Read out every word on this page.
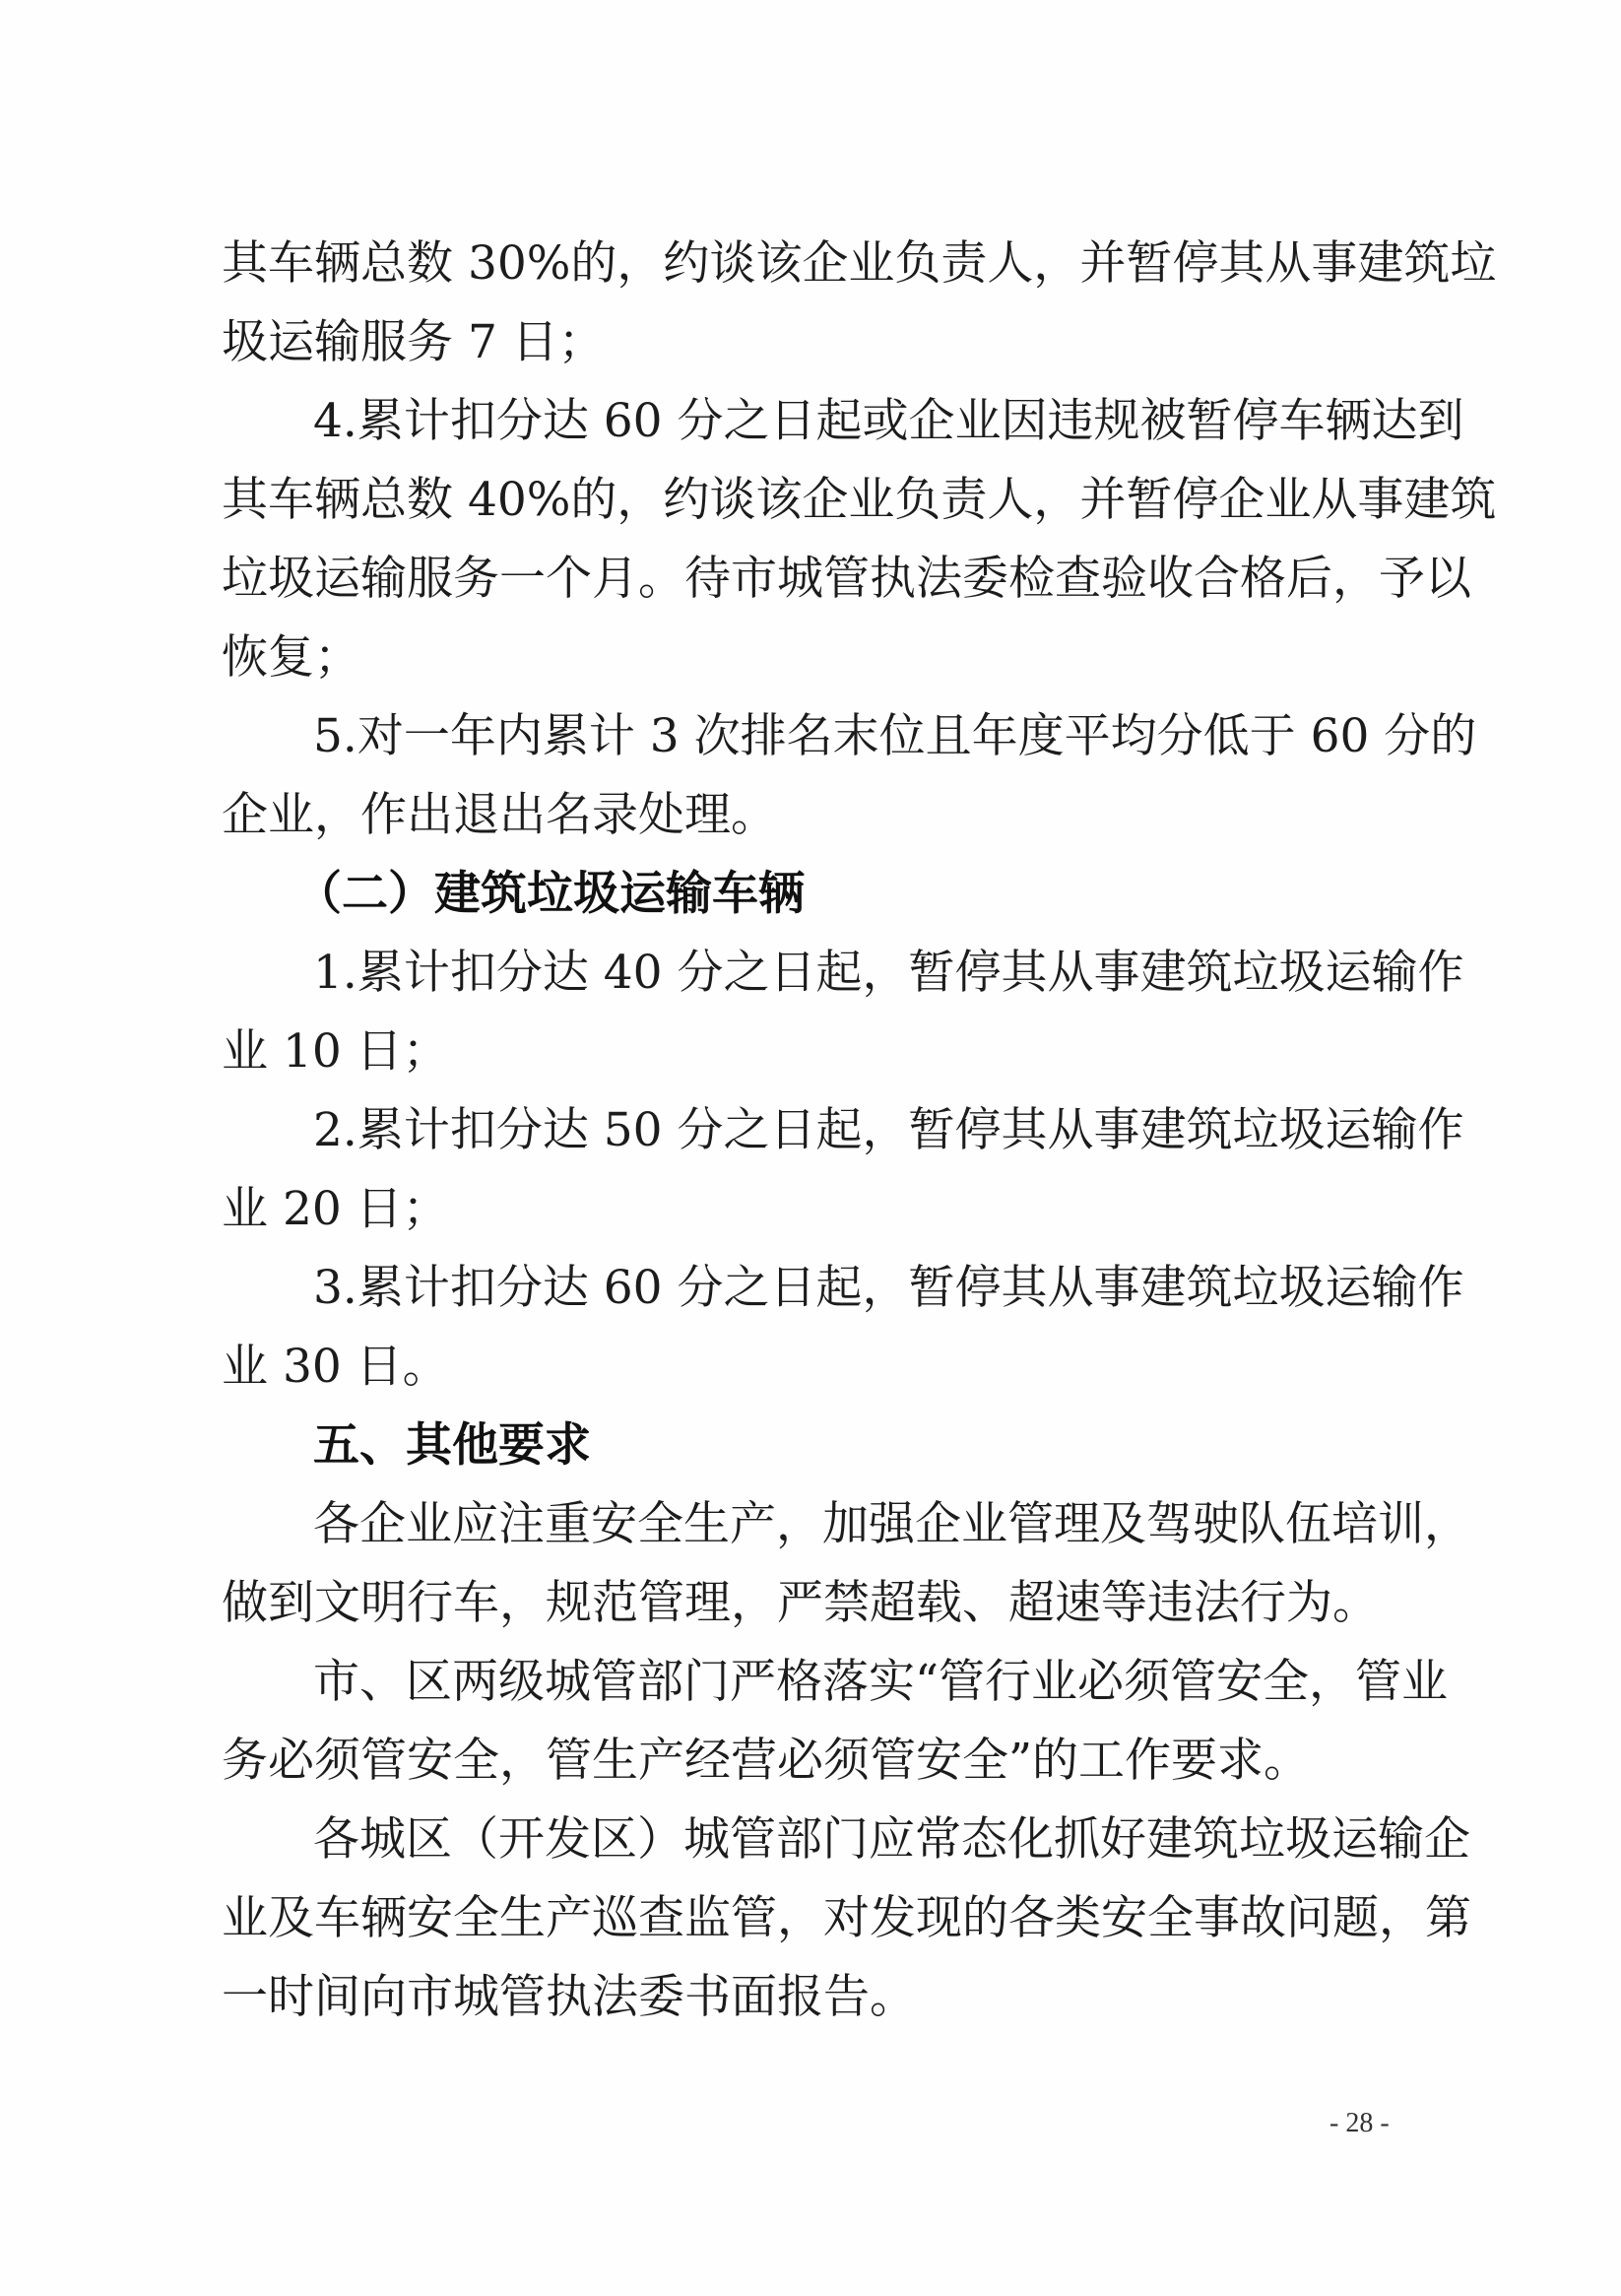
其车辆总数 30%的，约谈该企业负责人，并暂停其从事建筑垃
圾运输服务 7 日；
4.累计扣分达 60 分之日起或企业因违规被暂停车辆达到
其车辆总数 40%的，约谈该企业负责人，并暂停企业从事建筑
垃圾运输服务一个月。待市城管执法委检查验收合格后，予以
恢复；
5.对一年内累计 3 次排名末位且年度平均分低于 60 分的
企业，作出退出名录处理。
（二）建筑垃圾运输车辆
1.累计扣分达 40 分之日起，暂停其从事建筑垃圾运输作
业 10 日；
2.累计扣分达 50 分之日起，暂停其从事建筑垃圾运输作
业 20 日；
3.累计扣分达 60 分之日起，暂停其从事建筑垃圾运输作
业 30 日。
五、其他要求
各企业应注重安全生产，加强企业管理及驾驶队伍培训，
做到文明行车，规范管理，严禁超载、超速等违法行为。
市、区两级城管部门严格落实“管行业必须管安全，管业
务必须管安全，管生产经营必须管安全”的工作要求。
各城区（开发区）城管部门应常态化抓好建筑垃圾运输企
业及车辆安全生产巡查监管，对发现的各类安全事故问题，第
一时间向市城管执法委书面报告。
- 28 -
